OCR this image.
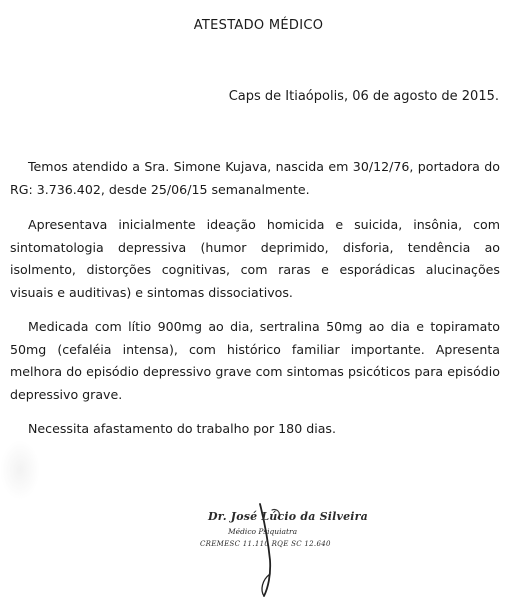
ATESTADO MÉDICO
Caps de Itiaópolis, 06 de agosto de 2015.

Temos atendido a Sra. Simone Kujava, nascida em 30/12/76, portadora do RG: 3.736.402, desde 25/06/15 semanalmente.

Apresentava inicialmente ideação homicida e suicida, insônia, com sintomatologia depressiva (humor deprimido, disforia, tendência ao isolmento, distorções cognitivas, com raras e esporádicas alucinações visuais e auditivas) e sintomas dissociativos.

Medicada com lítio 900mg ao dia, sertralina 50mg ao dia e topiramato 50mg (cefaléia intensa), com histórico familiar importante. Apresenta melhora do episódio depressivo grave com sintomas psicóticos para episódio depressivo grave.

Necessita afastamento do trabalho por 180 dias.

Dr. José Lúcio da Silveira
Médico Psiquiatra
CREMESC 11.110 RQE SC 12.640
